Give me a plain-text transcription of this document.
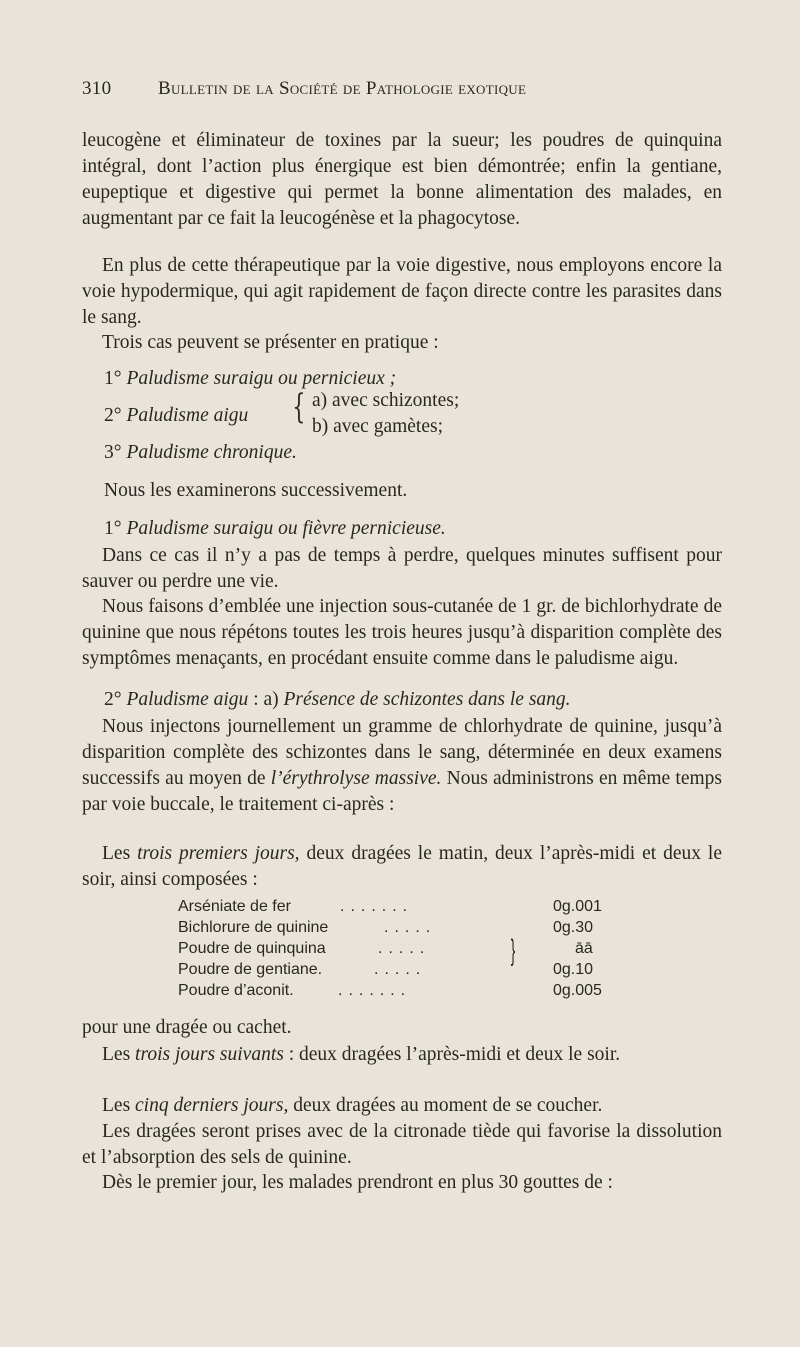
310 Bulletin de la Société de Pathologie exotique
leucogène et éliminateur de toxines par la sueur; les poudres de quinquina intégral, dont l’action plus énergique est bien démontrée; enfin la gentiane, eupeptique et digestive qui permet la bonne alimentation des malades, en augmentant par ce fait la leucogénèse et la phagocytose.
En plus de cette thérapeutique par la voie digestive, nous employons encore la voie hypodermique, qui agit rapidement de façon directe contre les parasites dans le sang.
Trois cas peuvent se présenter en pratique :
1° Paludisme suraigu ou pernicieux ;
2° Paludisme aigu { a) avec schizontes;
b) avec gamètes;
3° Paludisme chronique.
Nous les examinerons successivement.
1° Paludisme suraigu ou fièvre pernicieuse.
Dans ce cas il n’y a pas de temps à perdre, quelques minutes suffisent pour sauver ou perdre une vie.
Nous faisons d’emblée une injection sous-cutanée de 1 gr. de bichlorhydrate de quinine que nous répétons toutes les trois heures jusqu’à disparition complète des symptômes menaçants, en procédant ensuite comme dans le paludisme aigu.
2° Paludisme aigu : a) Présence de schizontes dans le sang.
Nous injectons journellement un gramme de chlorhydrate de quinine, jusqu’à disparition complète des schizontes dans le sang, déterminée en deux examens successifs au moyen de l’érythrolyse massive. Nous administrons en même temps par voie buccale, le traitement ci-après :
Les trois premiers jours, deux dragées le matin, deux l’après-midi et deux le soir, ainsi composées :
Arséniate de fer	.......	0g.001
Bichlorure de quinine	.....	0g.30
Poudre de quinquina	.....	āā
Poudre de gentiane.	.....	0g.10
Poudre d’aconit.	.......	0g.005
}
pour une dragée ou cachet.
Les trois jours suivants : deux dragées l’après-midi et deux le soir.
Les cinq derniers jours, deux dragées au moment de se coucher.
Les dragées seront prises avec de la citronade tiède qui favorise la dissolution et l’absorption des sels de quinine.
Dès le premier jour, les malades prendront en plus 30 gouttes de :
